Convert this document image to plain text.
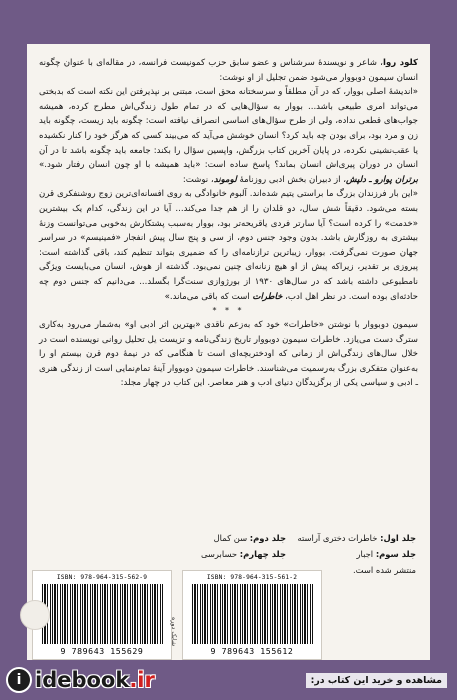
کلود روا، شاعر و نویسندهٔ سرشناس و عضو سابق حزب کمونیست فرانسه، در مقاله‌ای با عنوان چگونه انسان سیمون دوبووار می‌شود ضمن تجلیل از او نوشت:

«اندیشهٔ اصلی بووار، که در آن مطلقاً و سرسختانه محق است، مبتنی بر نپذیرفتن این نکته است که بدبختی می‌تواند امری طبیعی باشد... بووار به سؤال‌هایی که در تمام طول زندگی‌اش مطرح کرده، همیشه جواب‌های قطعی نداده، ولی از طرح سؤال‌های اساسی انصراف نیافته است: چگونه باید زیست، چگونه باید زن و مرد بود، برای بودن چه باید کرد؟ انسان خوشش می‌آید که می‌بیند کسی که هرگز خود را کنار نکشیده یا عقب‌نشینی نکرده، در پایان آخرین کتاب بزرگش، واپسین سؤال را بکند: جامعه باید چگونه باشد تا در آن انسان در دوران پیری‌اش انسان بماند؟ پاسخ ساده است: «باید همیشه با او چون انسان رفتار شود.» برتران پوارو ـ دلپش، از دبیران بخش ادبی روزنامهٔ لوموند، نوشت:

«این بار فرزندان بزرگ ما براستی یتیم شده‌اند. آلبوم خانوادگی به روی افسانه‌ای‌ترین زوج روشنفکری قرن بسته می‌شود. دقیقاً شش سال، دو قلدان را از هم جدا می‌کند... آیا در این زندگی، کدام یک بیشترین «خدمت» را کرده است؟ آیا سارتر فردی یاقریحه‌تر بود، بووار به‌سبب پشتکارش به‌خوبی می‌توانست وزنهٔ بیشتری به روزگارش باشد. بدون وجود جنس دوم، از سی و پنج سال پیش انفجار «فمینیسم» در سراسر جهان صورت نمی‌گرفت. بووار، زیباترین ترازنامه‌ای را که ضمیری بتواند تنظیم کند، باقی گذاشته است: پیروزی بر تقدیر، زیراکه پیش از او هیچ زنانه‌ای چنین نمی‌بود. گذشته از هوش، انسان می‌بایست ویژگی نامطبوعی داشته باشد که در سال‌های ۱۹۳۰ از بورژوازی سنت‌گرا بگسلد... می‌دانیم که جنس دوم چه حادثه‌ای بوده است. در نظر اهل ادب، خاطرات است که باقی می‌ماند.»

* * *

سیمون دوبووار با نوشتن «خاطرات» خود که به‌زعم ناقدی «بهترین اثر ادبی او» به‌شمار می‌رود به‌کاری سترگ دست می‌یازد. خاطرات سیمون دوبووار تاریخ زندگی‌نامه و تزیست یل تحلیل روانی نویسنده است در خلال سال‌های زندگی‌اش از زمانی که اودختربچه‌ای است تا هنگامی که در نیمهٔ دوم قرن بیستم او را به‌عنوان متفکری بزرگ به‌رسمیت می‌شناسند. خاطرات سیمون دوبووار آینهٔ تمام‌نمایی است از زندگی هنری ـ ادبی و سیاسی یکی از برگزیدگان دنیای ادب و هنر معاصر. این کتاب در چهار مجلد:

جلد اول: خاطرات دختری آراسته
جلد دوم: سن کمال
جلد سوم: اجبار
جلد چهارم: حسابرسی
منتشر شده است.
ISBN: 978-964-315-562-9
9 789643 155629
شابک دوره
ISBN: 978-964-315-561-2
9 789643 155612
i idebook.ir	مشاهده و خرید این کتاب در:
